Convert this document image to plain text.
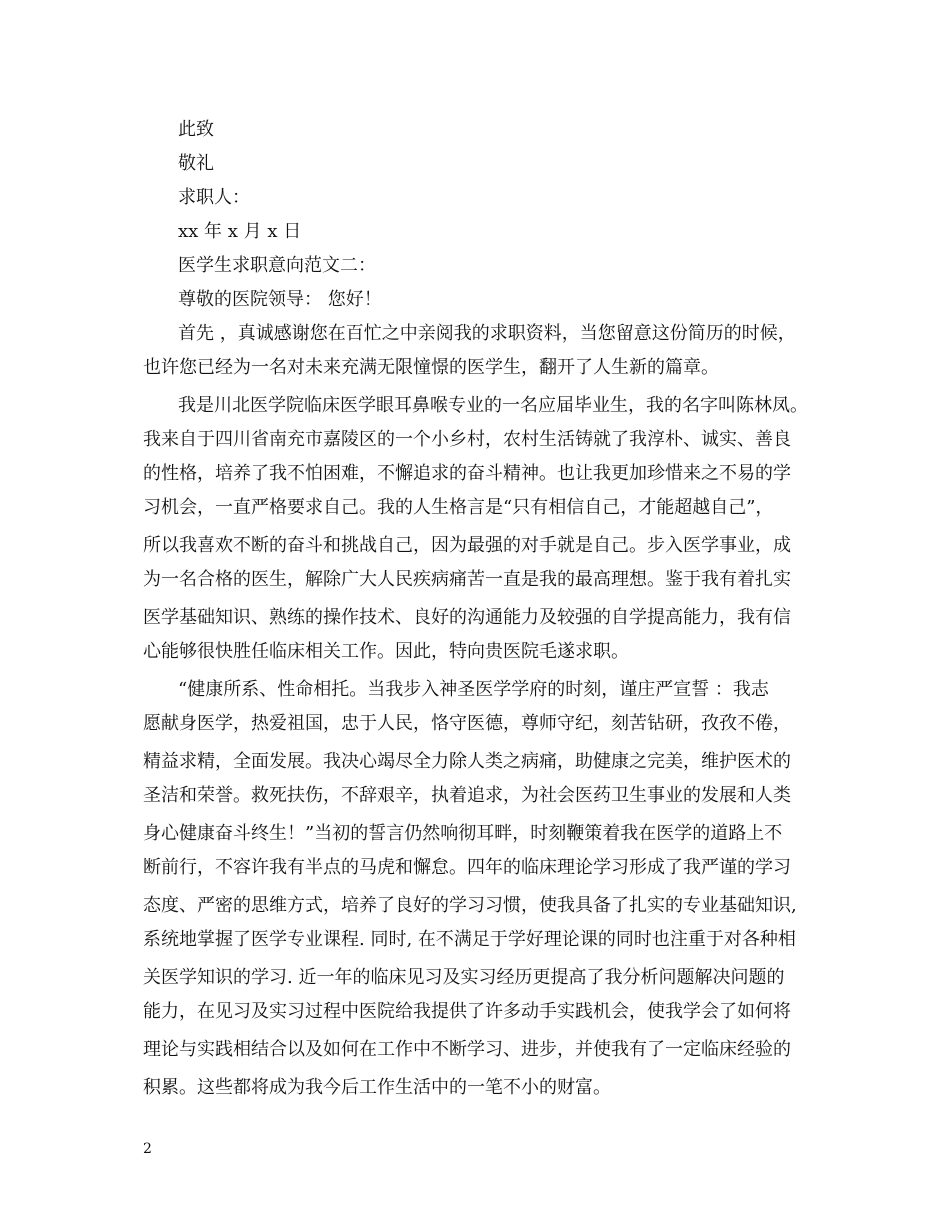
此致
敬礼
求职人：
xx 年 x 月 x 日
医学生求职意向范文二：
尊敬的医院领导： 您好！
首先 ，真诚感谢您在百忙之中亲阅我的求职资料，当您留意这份简历的时候，
也许您已经为一名对未来充满无限憧憬的医学生，翻开了人生新的篇章。
我是川北医学院临床医学眼耳鼻喉专业的一名应届毕业生，我的名字叫陈林凤。
我来自于四川省南充市嘉陵区的一个小乡村，农村生活铸就了我淳朴、诚实、善良
的性格，培养了我不怕困难，不懈追求的奋斗精神。也让我更加珍惜来之不易的学
习机会，一直严格要求自己。我的人生格言是“只有相信自己，才能超越自己”，
所以我喜欢不断的奋斗和挑战自己，因为最强的对手就是自己。步入医学事业，成
为一名合格的医生，解除广大人民疾病痛苦一直是我的最高理想。鉴于我有着扎实
医学基础知识、熟练的操作技术、良好的沟通能力及较强的自学提高能力，我有信
心能够很快胜任临床相关工作。因此，特向贵医院毛遂求职。
“健康所系、性命相托。当我步入神圣医学学府的时刻，谨庄严宣誓 ：我志
愿献身医学，热爱祖国，忠于人民，恪守医德，尊师守纪，刻苦钻研，孜孜不倦，
精益求精，全面发展。我决心竭尽全力除人类之病痛，助健康之完美，维护医术的
圣洁和荣誉。救死扶伤，不辞艰辛，执着追求，为社会医药卫生事业的发展和人类
身心健康奋斗终生！”当初的誓言仍然响彻耳畔，时刻鞭策着我在医学的道路上不
断前行，不容许我有半点的马虎和懈怠。四年的临床理论学习形成了我严谨的学习
态度、严密的思维方式，培养了良好的学习习惯，使我具备了扎实的专业基础知识,
系统地掌握了医学专业课程. 同时, 在不满足于学好理论课的同时也注重于对各种相
关医学知识的学习. 近一年的临床见习及实习经历更提高了我分析问题解决问题的
能力，在见习及实习过程中医院给我提供了许多动手实践机会，使我学会了如何将
理论与实践相结合以及如何在工作中不断学习、进步，并使我有了一定临床经验的
积累。这些都将成为我今后工作生活中的一笔不小的财富。
2
